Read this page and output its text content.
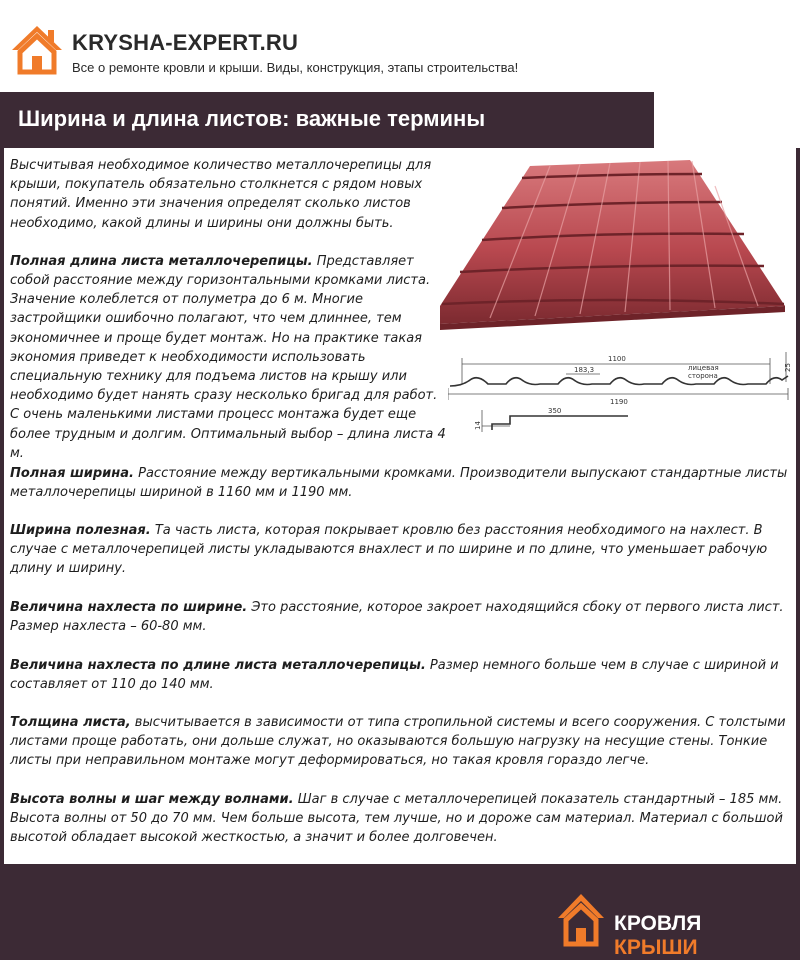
KRYSHA-EXPERT.RU
Все о ремонте кровли и крыши. Виды, конструкция, этапы строительства!
Ширина и длина листов: важные термины
1100
183,3	лицевая
сторона
25
1190
350
14

Высчитывая необходимое количество металлочерепицы для крыши, покупатель обязательно столкнется с рядом новых понятий. Именно эти значения определят сколько листов необходимо, какой длины и ширины они должны быть.

Полная длина листа металлочерепицы. Представляет собой расстояние между горизонтальными кромками листа. Значение колеблется от полуметра до 6 м. Многие застройщики ошибочно полагают, что чем длиннее, тем экономичнее и проще будет монтаж. Но на практике такая экономия приведет к необходимости использовать специальную технику для подъема листов на крышу или необходимо будет нанять сразу несколько бригад для работ. С очень маленькими листами процесс монтажа будет еще более трудным и долгим. Оптимальный выбор – длина листа 4 м.

Полная ширина. Расстояние между вертикальными кромками. Производители выпускают стандартные листы металлочерепицы шириной в 1160 мм и 1190 мм.
Ширина полезная. Та часть листа, которая покрывает кровлю без расстояния необходимого на нахлест. В случае с металлочерепицей листы укладываются внахлест и по ширине и по длине, что уменьшает рабочую длину и ширину.
Величина нахлеста по ширине. Это расстояние, которое закроет находящийся сбоку от первого листа лист. Размер нахлеста – 60-80 мм.
Величина нахлеста по длине листа металлочерепицы. Размер немного больше чем в случае с шириной и составляет от 110 до 140 мм.
Толщина листа, высчитывается в зависимости от типа стропильной системы и всего сооружения. С толстыми листами проще работать, они дольше служат, но оказываются большую нагрузку на несущие стены. Тонкие листы при неправильном монтаже могут деформироваться, но такая кровля гораздо легче.
Высота волны и шаг между волнами. Шаг в случае с металлочерепицей показатель стандартный – 185 мм. Высота волны от 50 до 70 мм. Чем больше высота, тем лучше, но и дороже сам материал. Материал с большой высотой обладает высокой жесткостью, а значит и более долговечен.
КРОВЛЯ КРЫШИ
